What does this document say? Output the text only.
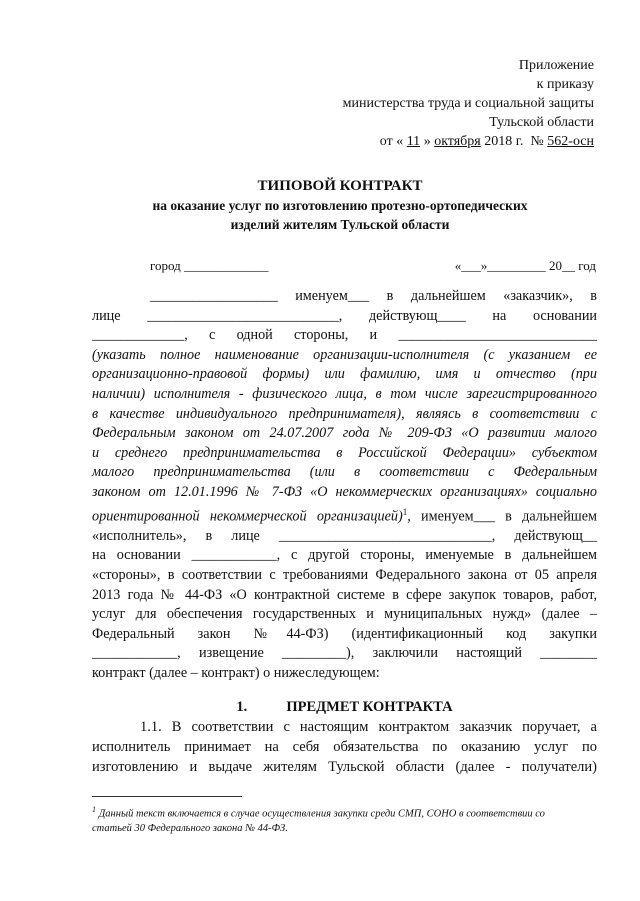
Приложение
к приказу
министерства труда и социальной защиты
Тульской области
от « 11 » октября 2018 г. № 562-осн
ТИПОВОЙ КОНТРАКТ
на оказание услуг по изготовлению протезно-ортопедических
изделий жителям Тульской области
город _____________	«___»_________ 20__ год

__________________ именуем___ в дальнейшем «заказчик», в

лице ___________________________, действующ____ на основании

_____________, с одной стороны, и ____________________________

(указать полное наименование организации-исполнителя (с указанием ее

организационно-правовой формы) или фамилию, имя и отчество (при

наличии) исполнителя - физического лица, в том числе зарегистрированного

в качестве индивидуального предпринимателя), являясь в соответствии с

Федеральным законом от 24.07.2007 года № 209-ФЗ «О развитии малого

и среднего предпринимательства в Российской Федерации» субъектом

малого предпринимательства (или в соответствии с Федеральным

законом от 12.01.1996 № 7-ФЗ «О некоммерческих организациях» социально

ориентированной некоммерческой организацией)$^1$, именуем___ в дальнейшем

«исполнитель», в лице ______________________________, действующ__

на основании ____________, с другой стороны, именуемые в дальнейшем

«стороны», в соответствии с требованиями Федерального закона от 05 апреля

2013 года № 44-ФЗ «О контрактной системе в сфере закупок товаров, работ,

услуг для обеспечения государственных и муниципальных нужд» (далее –

Федеральный закон №44-ФЗ) (идентификационный код закупки

____________, извещение _________), заключили настоящий ________

контракт (далее – контракт) о нижеследующем:

1.	ПРЕДМЕТ КОНТРАКТА

1.1. В соответствии с настоящим контрактом заказчик поручает, а

исполнитель принимает на себя обязательства по оказанию услуг по

изготовлению и выдаче жителям Тульской области (далее - получатели)

$^1$ Данный текст включается в случае осуществления закупки среди СМП, СОНО в соответствии со
статьей 30 Федерального закона № 44-ФЗ.
